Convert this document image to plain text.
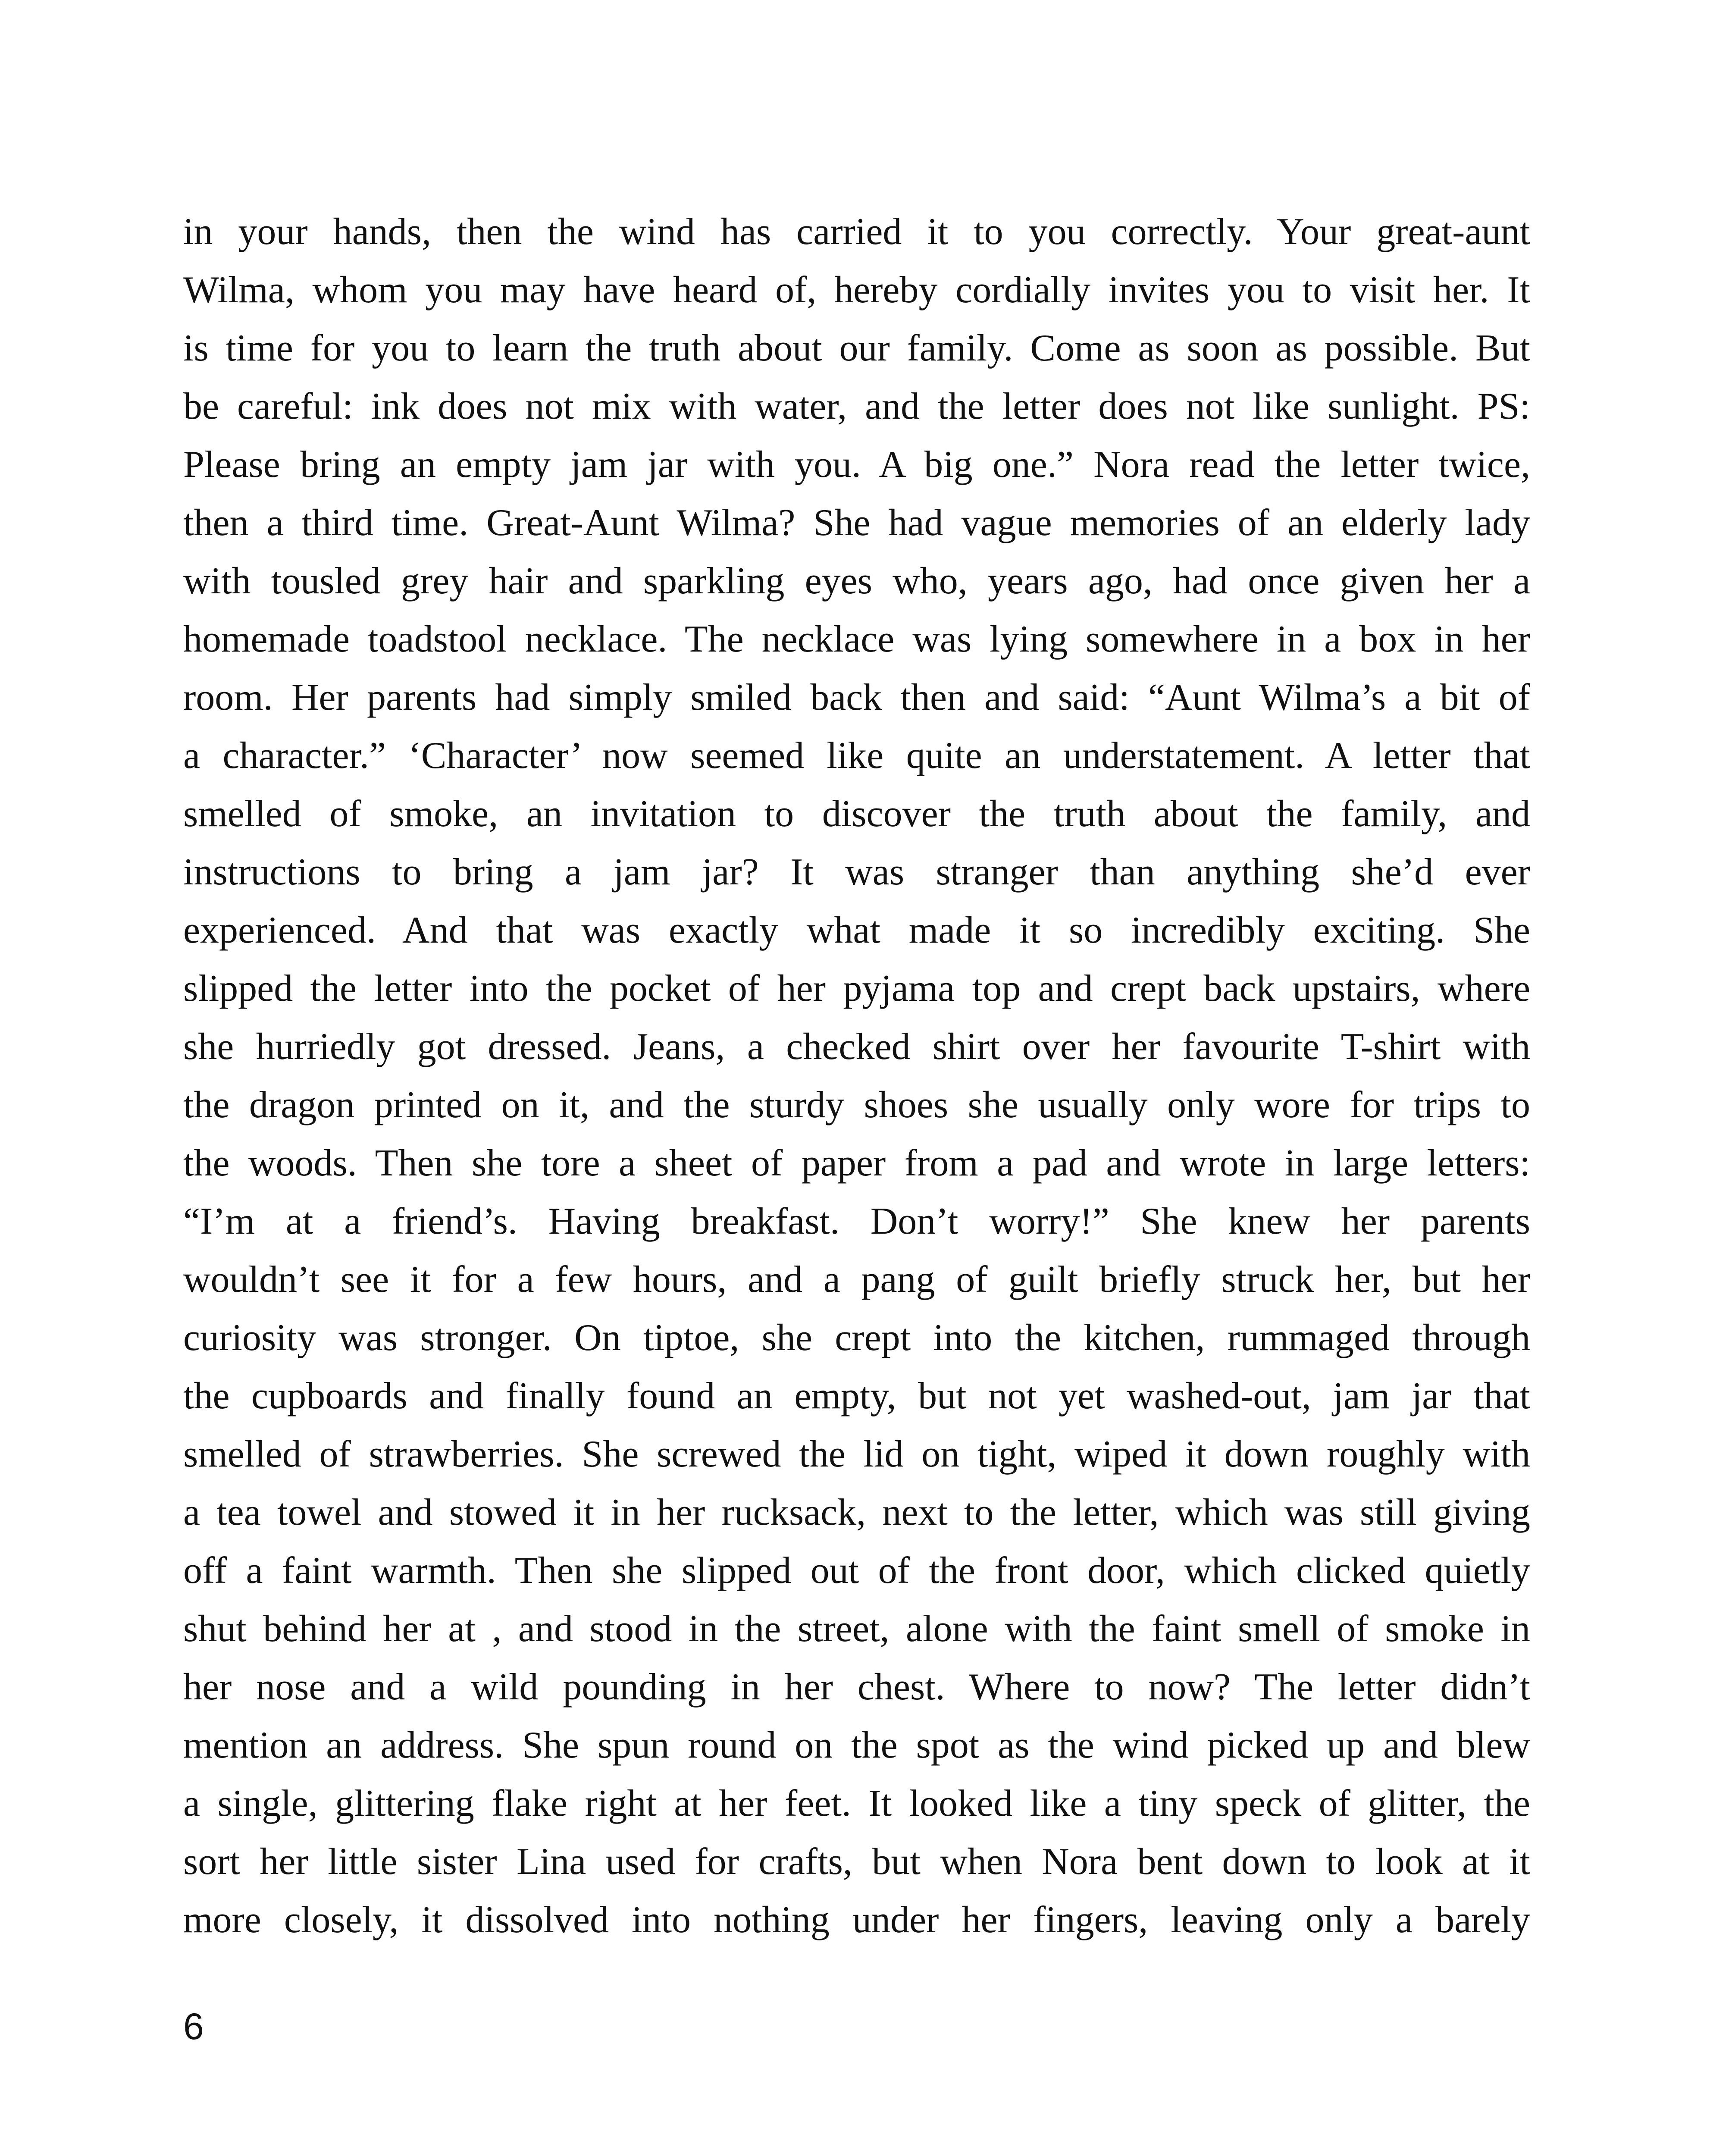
in your hands, then the wind has carried it to you correctly. Your great-aunt
Wilma, whom you may have heard of, hereby cordially invites you to visit her. It
is time for you to learn the truth about our family. Come as soon as possible. But
be careful: ink does not mix with water, and the letter does not like sunlight. PS:
Please bring an empty jam jar with you. A big one.” Nora read the letter twice,
then a third time. Great-Aunt Wilma? She had vague memories of an elderly lady
with tousled grey hair and sparkling eyes who, years ago, had once given her a
homemade toadstool necklace. The necklace was lying somewhere in a box in her
room. Her parents had simply smiled back then and said: “Aunt Wilma’s a bit of
a character.” ‘Character’ now seemed like quite an understatement. A letter that
smelled of smoke, an invitation to discover the truth about the family, and
instructions to bring a jam jar? It was stranger than anything she’d ever
experienced. And that was exactly what made it so incredibly exciting. She
slipped the letter into the pocket of her pyjama top and crept back upstairs, where
she hurriedly got dressed. Jeans, a checked shirt over her favourite T-shirt with
the dragon printed on it, and the sturdy shoes she usually only wore for trips to
the woods. Then she tore a sheet of paper from a pad and wrote in large letters:
“I’m at a friend’s. Having breakfast. Don’t worry!” She knew her parents
wouldn’t see it for a few hours, and a pang of guilt briefly struck her, but her
curiosity was stronger. On tiptoe, she crept into the kitchen, rummaged through
the cupboards and finally found an empty, but not yet washed-out, jam jar that
smelled of strawberries. She screwed the lid on tight, wiped it down roughly with
a tea towel and stowed it in her rucksack, next to the letter, which was still giving
off a faint warmth. Then she slipped out of the front door, which clicked quietly
shut behind her at , and stood in the street, alone with the faint smell of smoke in
her nose and a wild pounding in her chest. Where to now? The letter didn’t
mention an address. She spun round on the spot as the wind picked up and blew
a single, glittering flake right at her feet. It looked like a tiny speck of glitter, the
sort her little sister Lina used for crafts, but when Nora bent down to look at it
more closely, it dissolved into nothing under her fingers, leaving only a barely
6
